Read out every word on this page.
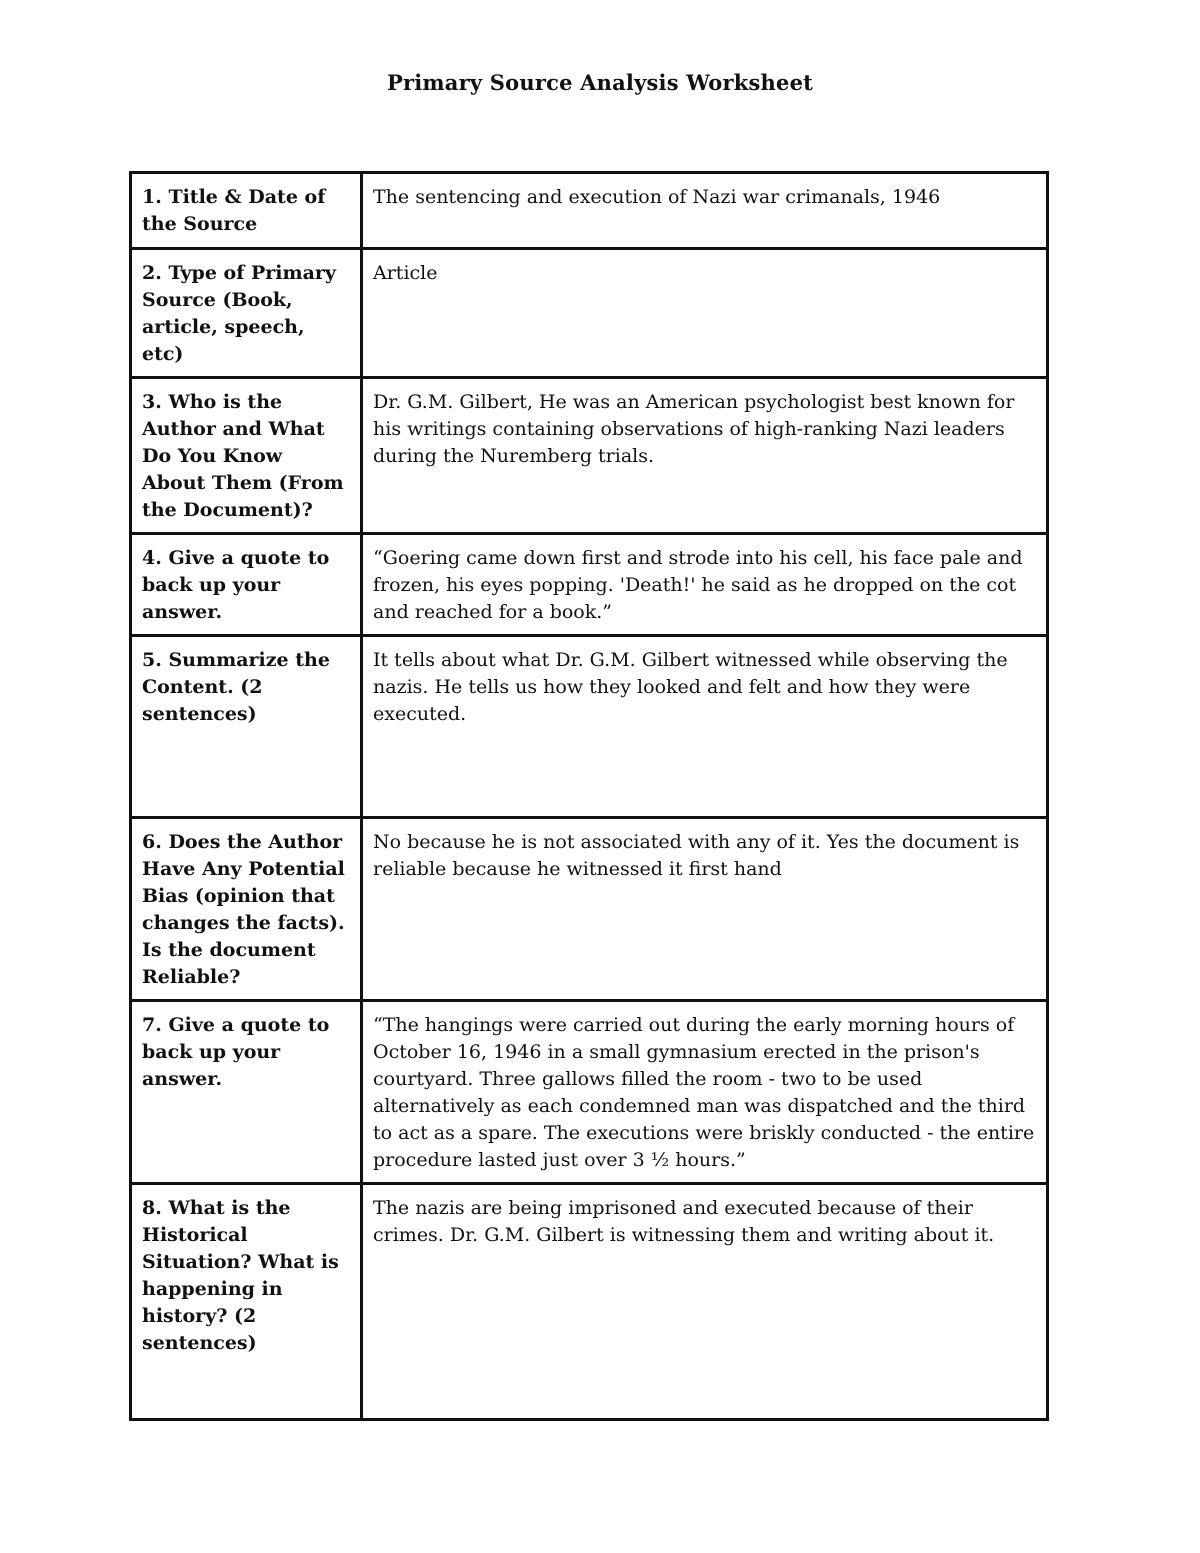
Primary Source Analysis Worksheet
1. Title & Date of the Source	The sentencing and execution of Nazi war crimanals, 1946
2. Type of Primary Source (Book, article, speech, etc)	Article
3. Who is the Author and What Do You Know About Them (From the Document)?	Dr. G.M. Gilbert, He was an American psychologist best known for his writings containing observations of high-ranking Nazi leaders during the Nuremberg trials.
4. Give a quote to back up your answer.	“Goering came down first and strode into his cell, his face pale and frozen, his eyes popping. 'Death!' he said as he dropped on the cot and reached for a book.”
5. Summarize the Content. (2 sentences)	It tells about what Dr. G.M. Gilbert witnessed while observing the nazis. He tells us how they looked and felt and how they were executed.
6. Does the Author Have Any Potential Bias (opinion that changes the facts). Is the document Reliable?	No because he is not associated with any of it. Yes the document is reliable because he witnessed it first hand
7. Give a quote to back up your answer.	“The hangings were carried out during the early morning hours of October 16, 1946 in a small gymnasium erected in the prison's courtyard. Three gallows filled the room - two to be used alternatively as each condemned man was dispatched and the third to act as a spare. The executions were briskly conducted - the entire procedure lasted just over 3 ½ hours.”
8. What is the Historical Situation? What is happening in history? (2 sentences)	The nazis are being imprisoned and executed because of their crimes. Dr. G.M. Gilbert is witnessing them and writing about it.
